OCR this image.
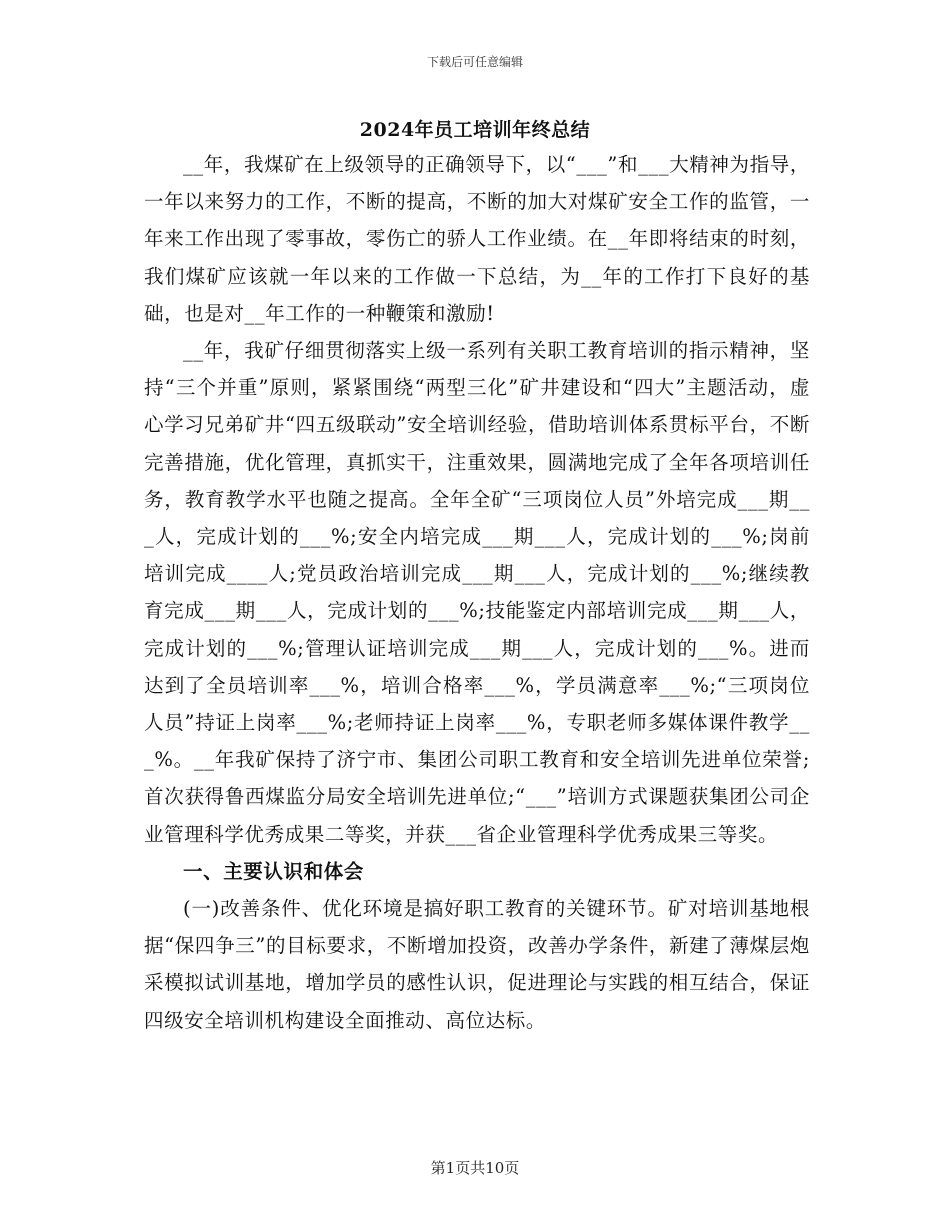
下载后可任意编辑
2024年员工培训年终总结

__年，我煤矿在上级领导的正确领导下，以“___”和___大精神为指导，一年以来努力的工作，不断的提高，不断的加大对煤矿安全工作的监管，一年来工作出现了零事故，零伤亡的骄人工作业绩。在__年即将结束的时刻，我们煤矿应该就一年以来的工作做一下总结，为__年的工作打下良好的基础，也是对__年工作的一种鞭策和激励!

__年，我矿仔细贯彻落实上级一系列有关职工教育培训的指示精神，坚持“三个并重”原则，紧紧围绕“两型三化”矿井建设和“四大”主题活动，虚心学习兄弟矿井“四五级联动”安全培训经验，借助培训体系贯标平台，不断完善措施，优化管理，真抓实干，注重效果，圆满地完成了全年各项培训任务，教育教学水平也随之提高。全年全矿“三项岗位人员”外培完成___期___人，完成计划的___%;安全内培完成___期___人，完成计划的___%;岗前培训完成____人;党员政治培训完成___期___人，完成计划的___%;继续教育完成___期___人，完成计划的___%;技能鉴定内部培训完成___期___人，完成计划的___%;管理认证培训完成___期___人，完成计划的___%。进而达到了全员培训率___%，培训合格率___%，学员满意率___%;“三项岗位人员”持证上岗率___%;老师持证上岗率___%，专职老师多媒体课件教学___%。__年我矿保持了济宁市、集团公司职工教育和安全培训先进单位荣誉;首次获得鲁西煤监分局安全培训先进单位;“___”培训方式课题获集团公司企业管理科学优秀成果二等奖，并获___省企业管理科学优秀成果三等奖。

一、主要认识和体会

(一)改善条件、优化环境是搞好职工教育的关键环节。矿对培训基地根据“保四争三”的目标要求，不断增加投资，改善办学条件，新建了薄煤层炮采模拟试训基地，增加学员的感性认识，促进理论与实践的相互结合，保证四级安全培训机构建设全面推动、高位达标。

第1页共10页
